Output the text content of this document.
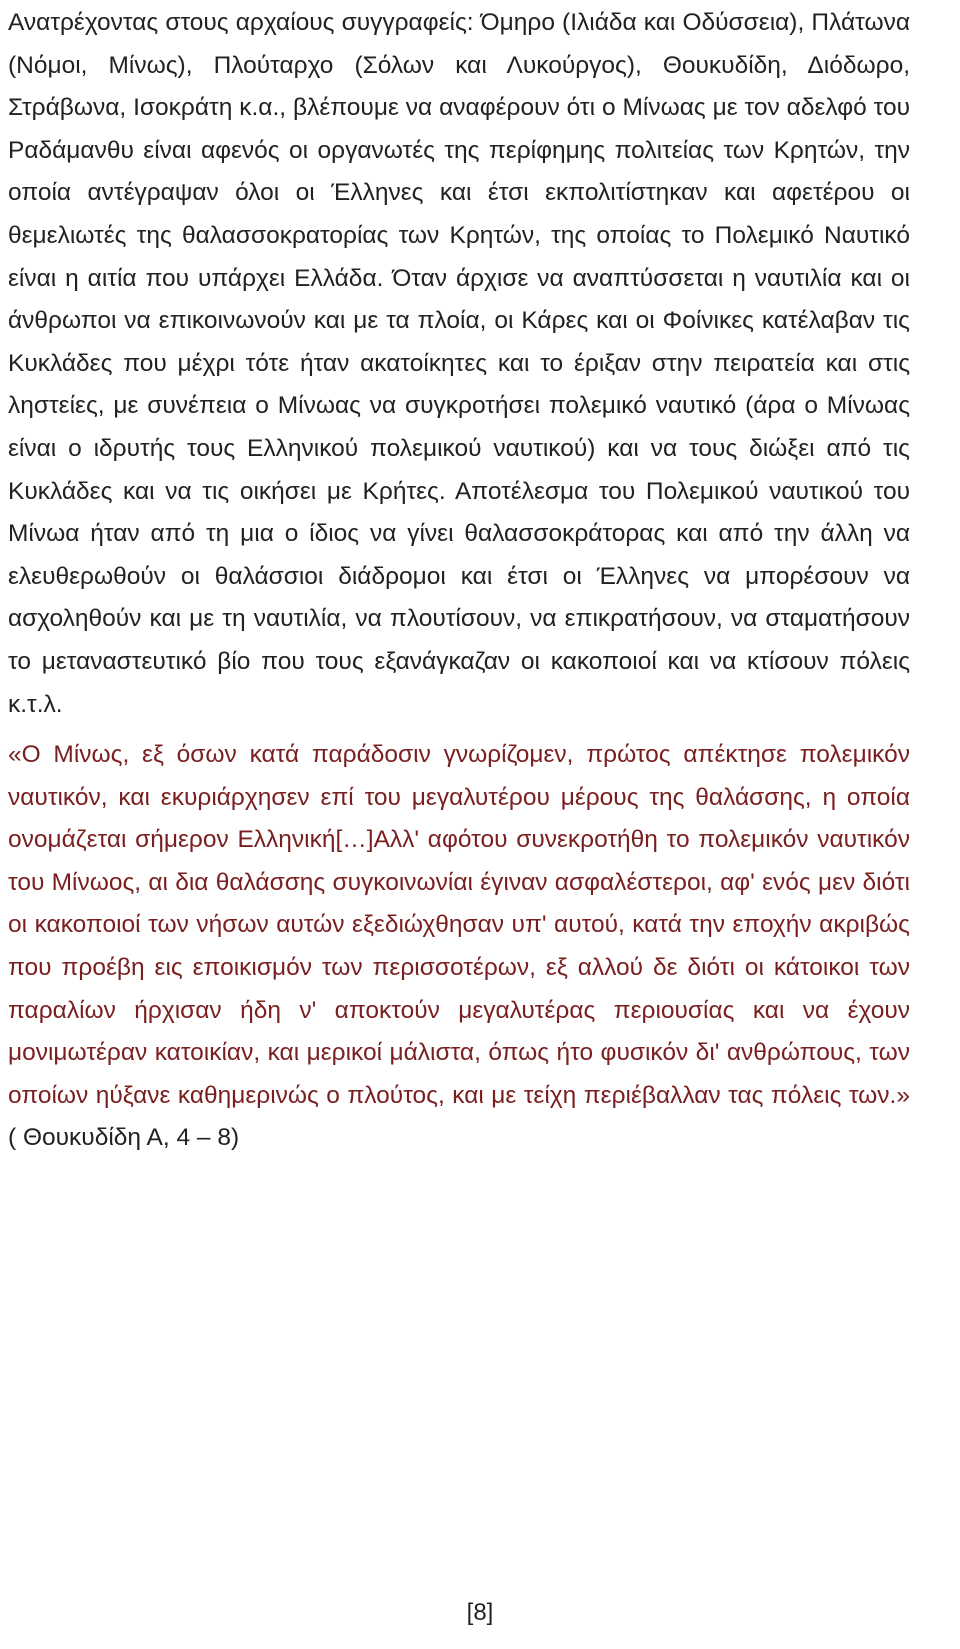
Ανατρέχοντας στους αρχαίους συγγραφείς: Όμηρο (Ιλιάδα και Οδύσσεια), Πλάτωνα (Νόμοι, Μίνως), Πλούταρχο (Σόλων και Λυκούργος), Θουκυδίδη, Διόδωρο, Στράβωνα, Ισοκράτη κ.α., βλέπουμε να αναφέρουν ότι ο Μίνωας με τον αδελφό του Ραδάμανθυ είναι αφενός οι οργανωτές της περίφημης πολιτείας των Κρητών, την οποία αντέγραψαν όλοι οι Έλληνες και έτσι εκπολιτίστηκαν και αφετέρου οι θεμελιωτές της θαλασσοκρατορίας των Κρητών, της οποίας το Πολεμικό Ναυτικό είναι η αιτία που υπάρχει Ελλάδα. Όταν άρχισε να αναπτύσσεται η ναυτιλία και οι άνθρωποι να επικοινωνούν και με τα πλοία, οι Κάρες και οι Φοίνικες κατέλαβαν τις Κυκλάδες που μέχρι τότε ήταν ακατοίκητες και το έριξαν στην πειρατεία και στις ληστείες, με συνέπεια ο Μίνωας να συγκροτήσει πολεμικό ναυτικό (άρα ο Μίνωας είναι ο ιδρυτής τους Ελληνικού πολεμικού ναυτικού) και να τους διώξει από τις Κυκλάδες και να τις οικήσει με Κρήτες. Αποτέλεσμα του Πολεμικού ναυτικού του Μίνωα ήταν από τη μια ο ίδιος να γίνει θαλασσοκράτορας και από την άλλη να ελευθερωθούν οι θαλάσσιοι διάδρομοι και έτσι οι Έλληνες να μπορέσουν να ασχοληθούν και με τη ναυτιλία, να πλουτίσουν, να επικρατήσουν, να σταματήσουν το μεταναστευτικό βίο που τους εξανάγκαζαν οι κακοποιοί και να κτίσουν πόλεις κ.τ.λ.

«Ο Μίνως, εξ όσων κατά παράδοσιν γνωρίζομεν, πρώτος απέκτησε πολεμικόν ναυτικόν, και εκυριάρχησεν επί του μεγαλυτέρου μέρους της θαλάσσης, η οποία ονομάζεται σήμερον Ελληνική[…]Αλλ' αφότου συνεκροτήθη το πολεμικόν ναυτικόν του Μίνωος, αι δια θαλάσσης συγκοινωνίαι έγιναν ασφαλέστεροι, αφ' ενός μεν διότι οι κακοποιοί των νήσων αυτών εξεδιώχθησαν υπ' αυτού, κατά την εποχήν ακριβώς που προέβη εις εποικισμόν των περισσοτέρων, εξ αλλού δε διότι οι κάτοικοι των παραλίων ήρχισαν ήδη ν' αποκτούν μεγαλυτέρας περιουσίας και να έχουν μονιμωτέραν κατοικίαν, και μερικοί μάλιστα, όπως ήτο φυσικόν δι' ανθρώπους, των οποίων ηύξανε καθημερινώς ο πλούτος, και με τείχη περιέβαλλαν τας πόλεις των.» ( Θουκυδίδη Α, 4 – 8)

[8]
